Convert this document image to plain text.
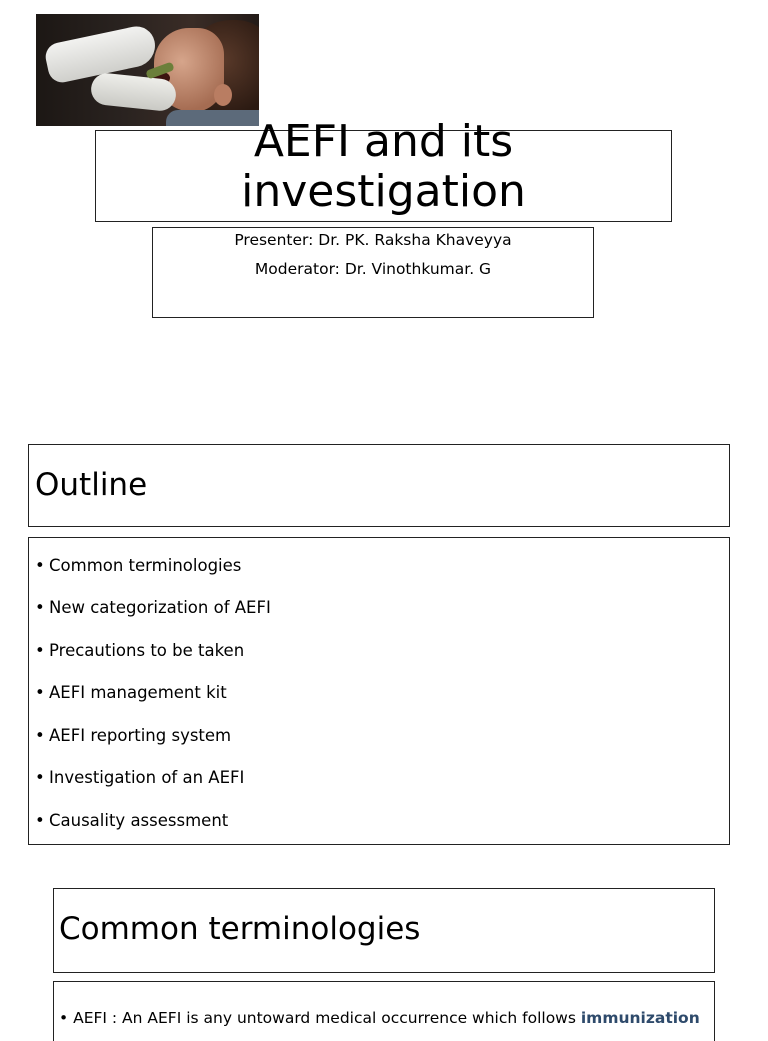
AEFI and its
investigation
Presenter: Dr. PK. Raksha Khaveyya
Moderator: Dr. Vinothkumar. G
Outline
• Common terminologies
• New categorization of AEFI
• Precautions to be taken
• AEFI management kit
• AEFI reporting system
• Investigation of an AEFI
• Causality assessment
Common terminologies
• AEFI : An AEFI is any untoward medical occurrence which follows immunization
